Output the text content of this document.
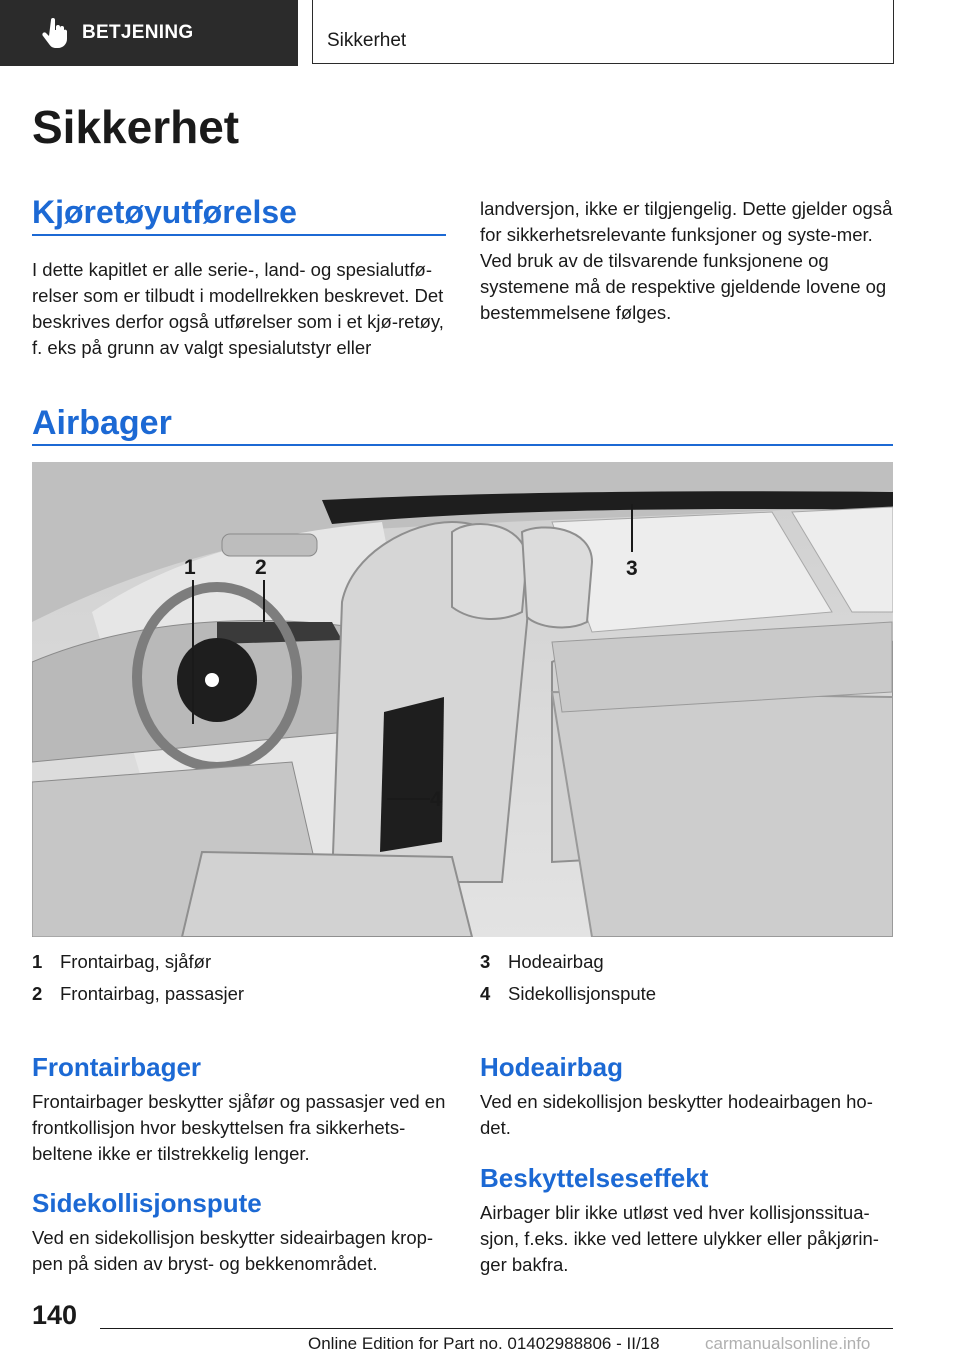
BETJENING	Sikkerhet
Sikkerhet
Kjøretøyutførelse

I dette kapitlet er alle serie-, land- og spesialutfø-relser som er tilbudt i modellrekken beskrevet. Det beskrives derfor også utførelser som i et kjø-retøy, f. eks på grunn av valgt spesialutstyr eller

landversjon, ikke er tilgjengelig. Dette gjelder også for sikkerhetsrelevante funksjoner og syste-mer. Ved bruk av de tilsvarende funksjonene og systemene må de respektive gjeldende lovene og bestemmelsene følges.

Airbager
1	2	3
4
1 Frontairbag, sjåfør
2 Frontairbag, passasjer
3 Hodeairbag
4 Sidekollisjonspute
Frontairbager

Frontairbager beskytter sjåfør og passasjer ved en frontkollisjon hvor beskyttelsen fra sikkerhets-beltene ikke er tilstrekkelig lenger.

Sidekollisjonspute

Ved en sidekollisjon beskytter sideairbagen krop-pen på siden av bryst- og bekkenområdet.

Hodeairbag

Ved en sidekollisjon beskytter hodeairbagen ho-det.

Beskyttelseseffekt

Airbager blir ikke utløst ved hver kollisjonssitua-sjon, f.eks. ikke ved lettere ulykker eller påkjørin-ger bakfra.

140
Online Edition for Part no. 01402988806 - II/18	carmanualsonline.info
